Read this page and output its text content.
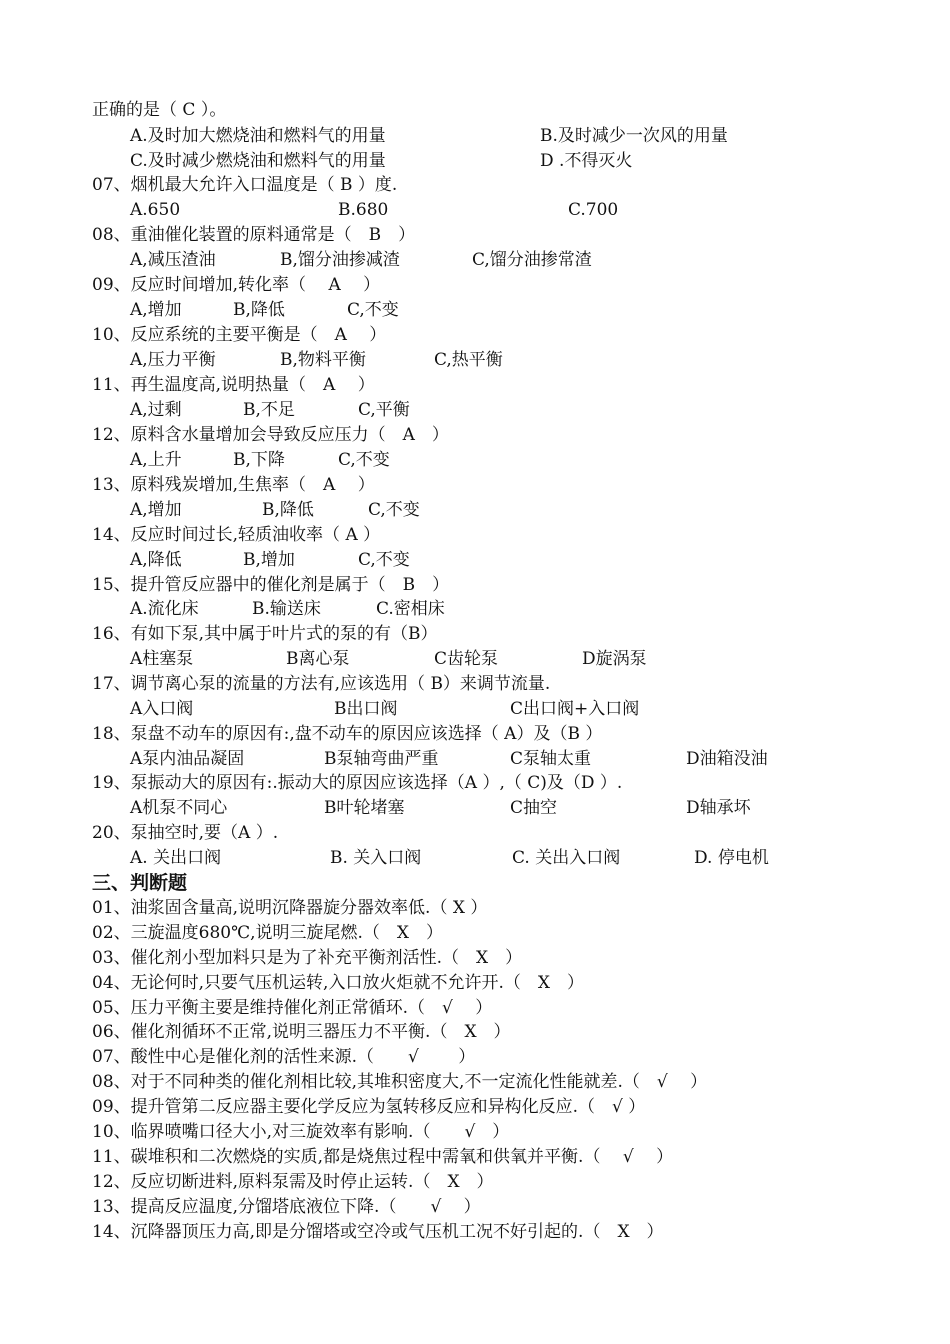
正确的是（ C ）。
A.及时加大燃烧油和燃料气的用量	B.及时减少一次风的用量
C.及时减少燃烧油和燃料气的用量	D .不得灭火
07、烟机最大允许入口温度是（ B ）度.
A.650	B.680	C.700
08、重油催化装置的原料通常是（　B　）
A,减压渣油	B,馏分油掺减渣	C,馏分油掺常渣
09、反应时间增加,转化率（　 A　 ）
A,增加	B,降低	C,不变
10、反应系统的主要平衡是（　A　 ）
A,压力平衡	B,物料平衡	C,热平衡
11、再生温度高,说明热量（　A　 ）
A,过剩	B,不足	C,平衡
12、原料含水量增加会导致反应压力（　A　）
A,上升	B,下降	C,不变
13、原料残炭增加,生焦率（　A　 ）
A,增加	B,降低	C,不变
14、反应时间过长,轻质油收率（ A ）
A,降低	B,增加	C,不变
15、提升管反应器中的催化剂是属于（　B　）
A.流化床	B.输送床	C.密相床
16、有如下泵,其中属于叶片式的泵的有（B）
A柱塞泵	B离心泵	C齿轮泵	D旋涡泵
17、调节离心泵的流量的方法有,应该选用（ B）来调节流量.
A入口阀	B出口阀	C出口阀+入口阀
18、泵盘不动车的原因有:,盘不动车的原因应该选择（ A）及（B ）
A泵内油品凝固	B泵轴弯曲严重	C泵轴太重	D油箱没油
19、泵振动大的原因有:.振动大的原因应该选择（A ）,（ C)及（D ）.
A机泵不同心	B叶轮堵塞	C抽空	D轴承坏
20、泵抽空时,要（A ）.
A. 关出口阀	B. 关入口阀	C. 关出入口阀	D. 停电机
三、判断题
01、油浆固含量高,说明沉降器旋分器效率低.（ X ）
02、三旋温度680℃,说明三旋尾燃.（　X　）
03、催化剂小型加料只是为了补充平衡剂活性.（　X　）
04、无论何时,只要气压机运转,入口放火炬就不允许开.（　X　）
05、压力平衡主要是维持催化剂正常循环.（　√　 ）
06、催化剂循环不正常,说明三器压力不平衡.（　X　）
07、酸性中心是催化剂的活性来源.（　　√　　 ）
08、对于不同种类的催化剂相比较,其堆积密度大,不一定流化性能就差.（　√　 ）
09、提升管第二反应器主要化学反应为氢转移反应和异构化反应.（　√ ）
10、临界喷嘴口径大小,对三旋效率有影响.（　　√　）
11、碳堆积和二次燃烧的实质,都是烧焦过程中需氧和供氧并平衡.（　 √　 ）
12、反应切断进料,原料泵需及时停止运转.（　X　）
13、提高反应温度,分馏塔底液位下降.（　　√　 ）
14、沉降器顶压力高,即是分馏塔或空冷或气压机工况不好引起的.（　X　）
